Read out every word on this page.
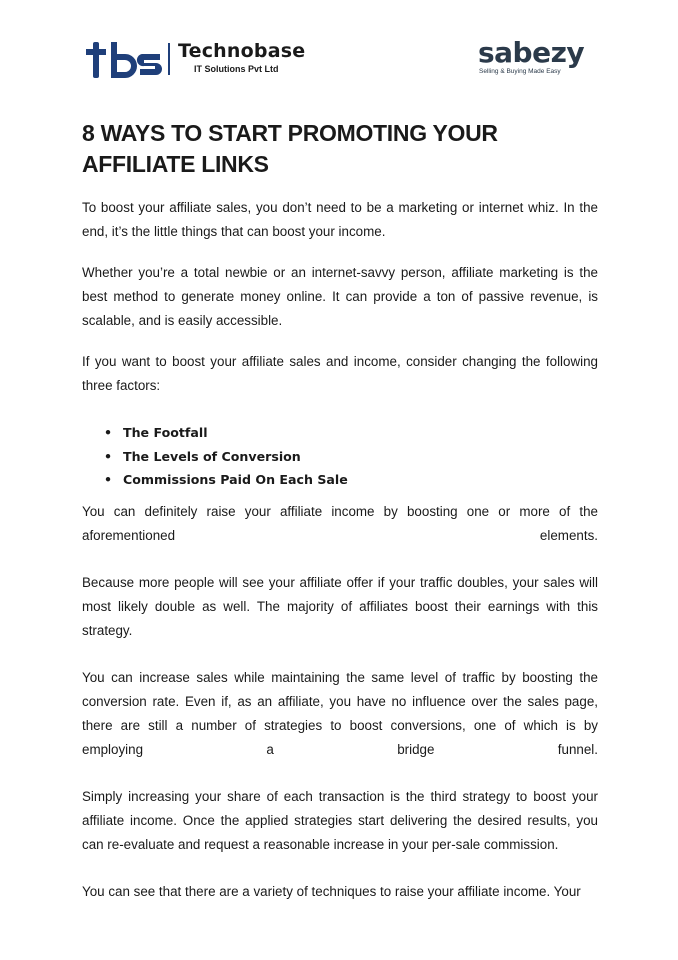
Technobase
IT Solutions Pvt Ltd	sabezy
Selling & Buying Made Easy
8 WAYS TO START PROMOTING YOUR AFFILIATE LINKS

To boost your affiliate sales, you don’t need to be a marketing or internet whiz. In the end, it’s the little things that can boost your income.

Whether you’re a total newbie or an internet-savvy person, affiliate marketing is the best method to generate money online. It can provide a ton of passive revenue, is scalable, and is easily accessible.

If you want to boost your affiliate sales and income, consider changing the following three factors:

• The Footfall
• The Levels of Conversion
• Commissions Paid On Each Sale

You can definitely raise your affiliate income by boosting one or more of the aforementioned elements.

Because more people will see your affiliate offer if your traffic doubles, your sales will most likely double as well. The majority of affiliates boost their earnings with this strategy.

You can increase sales while maintaining the same level of traffic by boosting the conversion rate. Even if, as an affiliate, you have no influence over the sales page, there are still a number of strategies to boost conversions, one of which is by employing a bridge funnel.

Simply increasing your share of each transaction is the third strategy to boost your affiliate income. Once the applied strategies start delivering the desired results, you can re-evaluate and request a reasonable increase in your per-sale commission.

You can see that there are a variety of techniques to raise your affiliate income. Your
